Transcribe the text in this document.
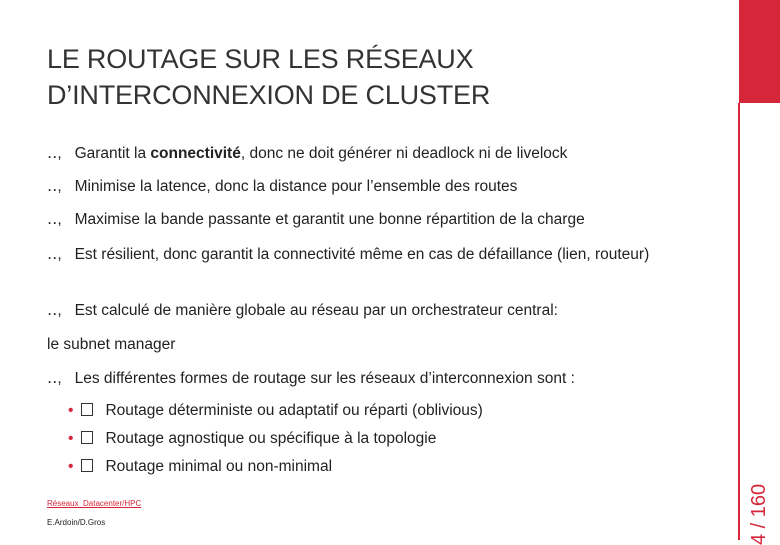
LE ROUTAGE SUR LES RÉSEAUX
D’INTERCONNEXION DE CLUSTER
4 / 160
‥, Garantit la connectivité, donc ne doit générer ni deadlock ni de livelock
‥, Minimise la latence, donc la distance pour l’ensemble des routes
‥, Maximise la bande passante et garantit une bonne répartition de la charge
‥, Est résilient, donc garantit la connectivité même en cas de défaillance (lien, routeur)
‥, Est calculé de manière globale au réseau par un orchestrateur central:
le subnet manager
‥, Les différentes formes de routage sur les réseaux d’interconnexion sont :
• Routage déterministe ou adaptatif ou réparti (oblivious)
• Routage agnostique ou spécifique à la topologie
• Routage minimal ou non-minimal
Réseaux_Datacenter/HPC
E.Ardoin/D.Gros
